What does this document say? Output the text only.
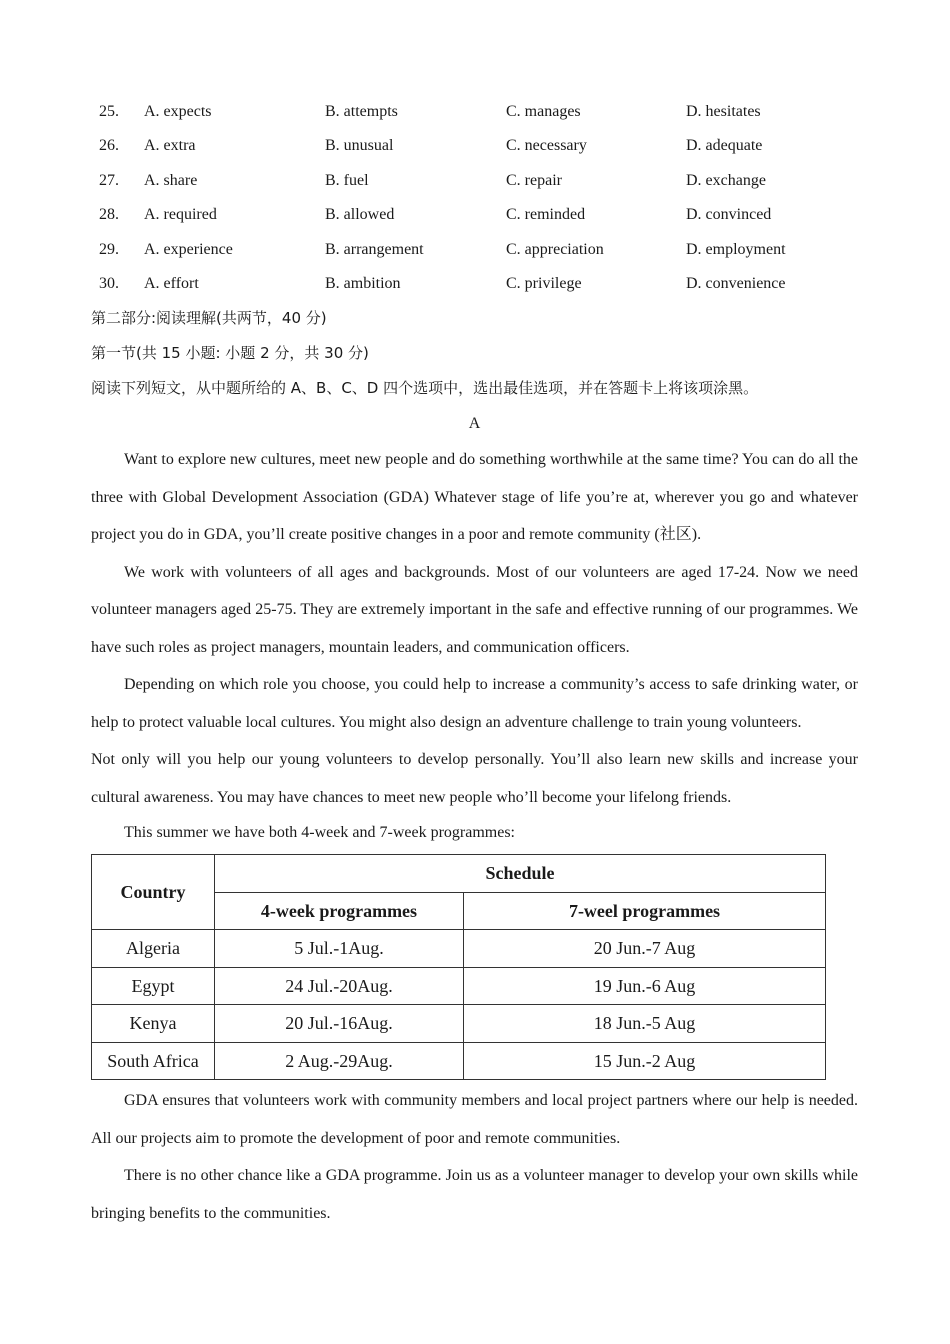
25. A. expects	B. attempts	C. manages	D. hesitates
26. A. extra	B. unusual	C. necessary	D. adequate
27. A. share	B. fuel	C. repair	D. exchange
28. A. required	B. allowed	C. reminded	D. convinced
29. A. experience	B. arrangement	C. appreciation	D. employment
30. A. effort	B. ambition	C. privilege	D. convenience
第二部分:阅读理解(共两节，40 分)
第一节(共 15 小题: 小题 2 分，共 30 分)
阅读下列短文，从中题所给的 A、B、C、D 四个选项中，选出最佳选项，并在答题卡上将该项涂黑。
A

Want to explore new cultures, meet new people and do something worthwhile at the same time? You can do all the three with Global Development Association (GDA) Whatever stage of life you’re at, wherever you go and whatever project you do in GDA, you’ll create positive changes in a poor and remote community (社区).

We work with volunteers of all ages and backgrounds. Most of our volunteers are aged 17-24. Now we need volunteer managers aged 25-75. They are extremely important in the safe and effective running of our programmes. We have such roles as project managers, mountain leaders, and communication officers.

Depending on which role you choose, you could help to increase a community’s access to safe drinking water, or help to protect valuable local cultures. You might also design an adventure challenge to train young volunteers.

Not only will you help our young volunteers to develop personally. You’ll also learn new skills and increase your cultural awareness. You may have chances to meet new people who’ll become your lifelong friends.

This summer we have both 4-week and 7-week programmes:
Country	Schedule	
	4-week programmes	7-weel programmes
Algeria	5 Jul.-1Aug.	20 Jun.-7 Aug
Egypt	24 Jul.-20Aug.	19 Jun.-6 Aug
Kenya	20 Jul.-16Aug.	18 Jun.-5 Aug
South Africa	2 Aug.-29Aug.	15 Jun.-2 Aug

GDA ensures that volunteers work with community members and local project partners where our help is needed. All our projects aim to promote the development of poor and remote communities.

There is no other chance like a GDA programme. Join us as a volunteer manager to develop your own skills while bringing benefits to the communities.
